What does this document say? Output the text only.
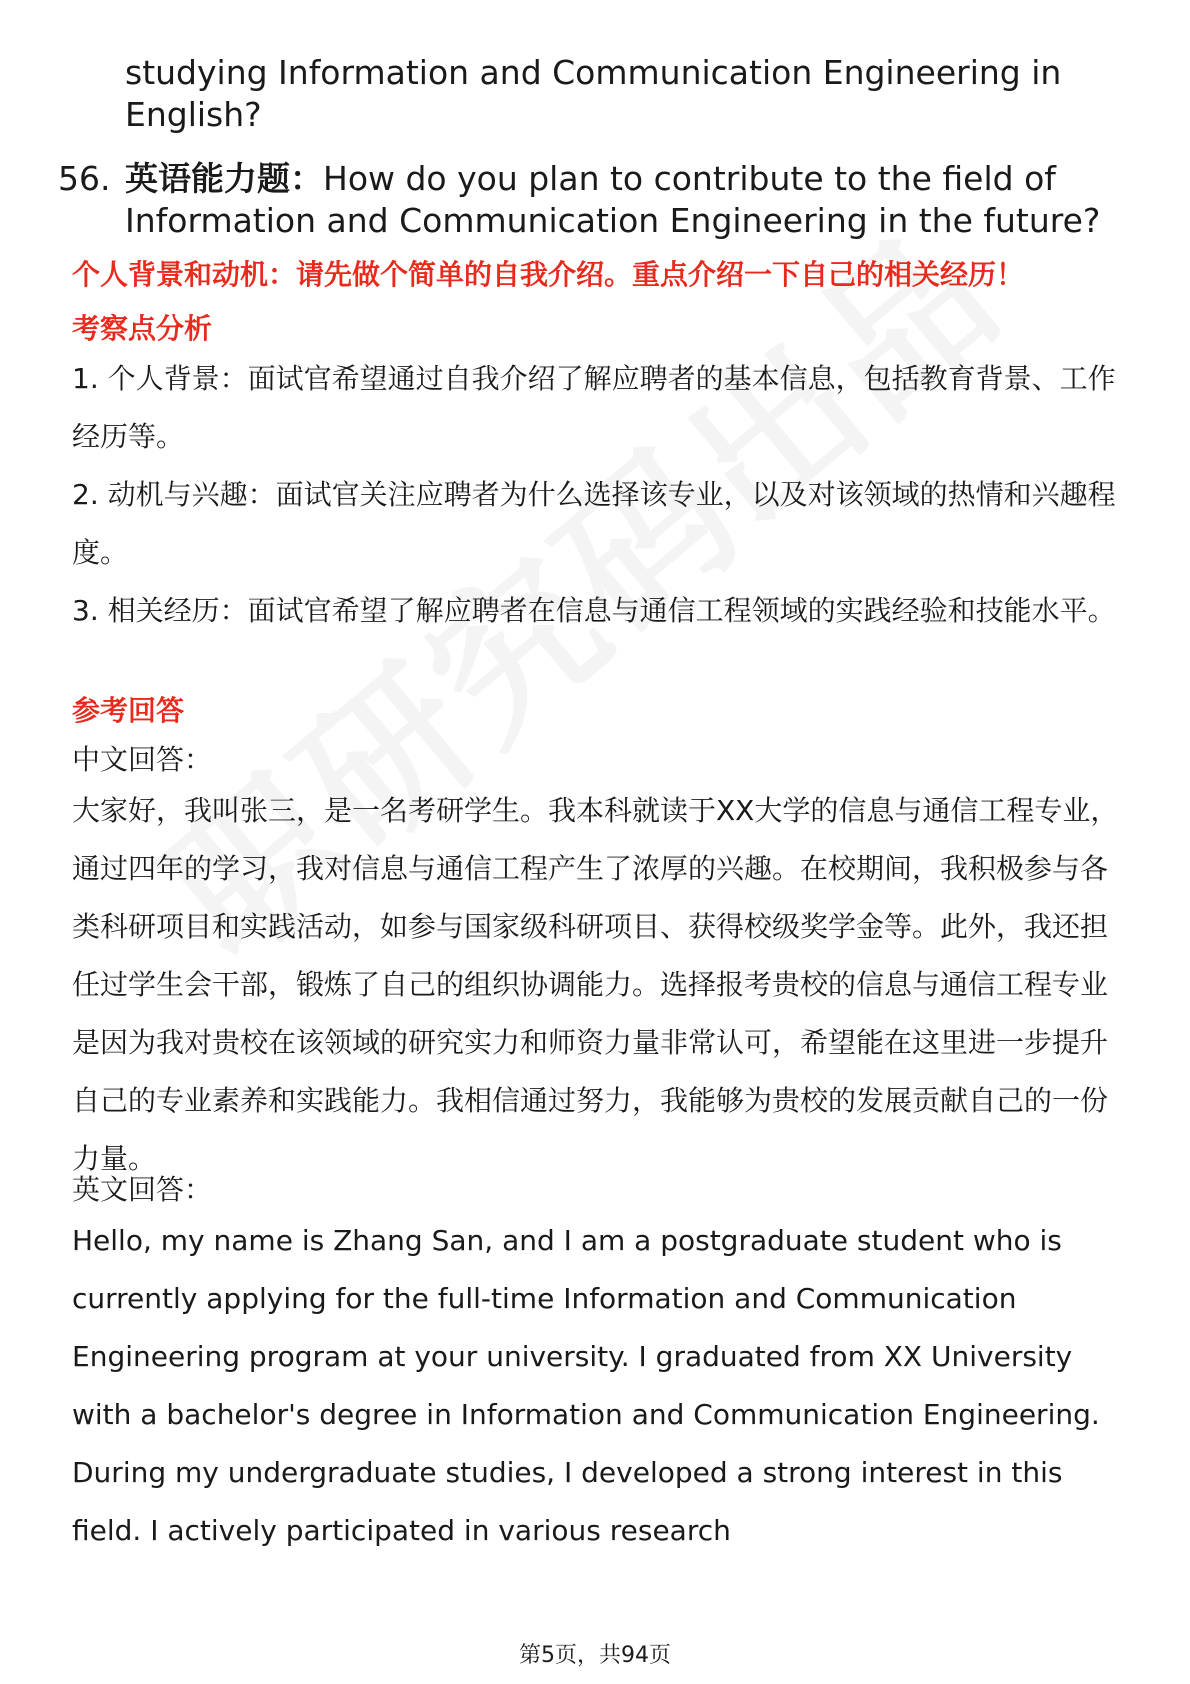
studying Information and Communication Engineering in English?
56. 英语能力题：How do you plan to contribute to the field of Information and Communication Engineering in the future?
个人背景和动机：请先做个简单的自我介绍。重点介绍一下自己的相关经历！
考察点分析

1. 个人背景：面试官希望通过自我介绍了解应聘者的基本信息，包括教育背景、工作经历等。

2. 动机与兴趣：面试官关注应聘者为什么选择该专业，以及对该领域的热情和兴趣程度。

3. 相关经历：面试官希望了解应聘者在信息与通信工程领域的实践经验和技能水平。

参考回答
中文回答：
大家好，我叫张三，是一名考研学生。我本科就读于XX大学的信息与通信工程专业，通过四年的学习，我对信息与通信工程产生了浓厚的兴趣。在校期间，我积极参与各类科研项目和实践活动，如参与国家级科研项目、获得校级奖学金等。此外，我还担任过学生会干部，锻炼了自己的组织协调能力。选择报考贵校的信息与通信工程专业是因为我对贵校在该领域的研究实力和师资力量非常认可，希望能在这里进一步提升自己的专业素养和实践能力。我相信通过努力，我能够为贵校的发展贡献自己的一份力量。
英文回答：
Hello, my name is Zhang San, and I am a postgraduate student who is currently applying for the full-time Information and Communication Engineering program at your university. I graduated from XX University with a bachelor's degree in Information and Communication Engineering. During my undergraduate studies, I developed a strong interest in this field. I actively participated in various research
第5页，共94页
